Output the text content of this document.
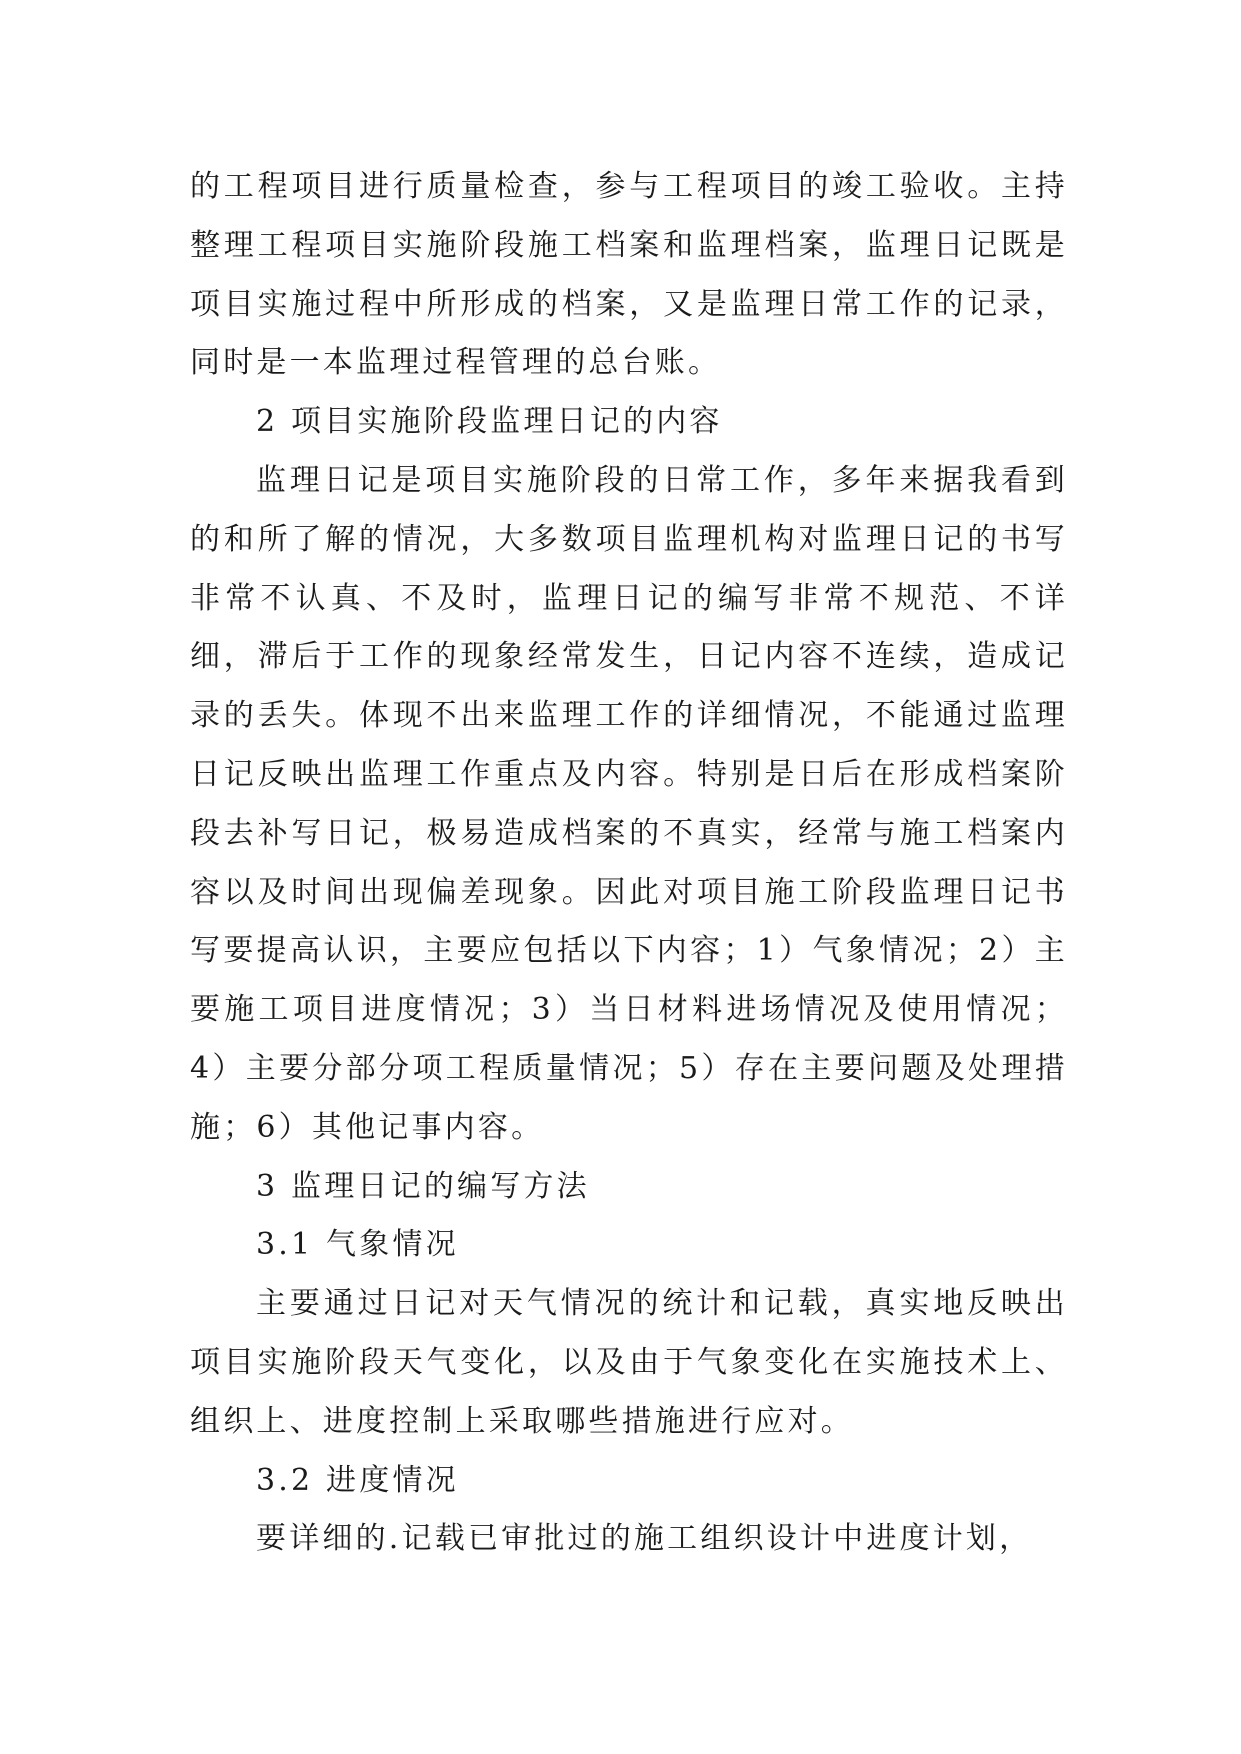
的工程项目进行质量检查，参与工程项目的竣工验收。主持整理工程项目实施阶段施工档案和监理档案，监理日记既是项目实施过程中所形成的档案，又是监理日常工作的记录，同时是一本监理过程管理的总台账。

2 项目实施阶段监理日记的内容

监理日记是项目实施阶段的日常工作，多年来据我看到的和所了解的情况，大多数项目监理机构对监理日记的书写非常不认真、不及时，监理日记的编写非常不规范、不详细，滞后于工作的现象经常发生，日记内容不连续，造成记录的丢失。体现不出来监理工作的详细情况，不能通过监理日记反映出监理工作重点及内容。特别是日后在形成档案阶段去补写日记，极易造成档案的不真实，经常与施工档案内容以及时间出现偏差现象。因此对项目施工阶段监理日记书写要提高认识，主要应包括以下内容；1）气象情况；2）主要施工项目进度情况；3）当日材料进场情况及使用情况；4）主要分部分项工程质量情况；5）存在主要问题及处理措施；6）其他记事内容。

3 监理日记的编写方法
3.1 气象情况

主要通过日记对天气情况的统计和记载，真实地反映出项目实施阶段天气变化，以及由于气象变化在实施技术上、组织上、进度控制上采取哪些措施进行应对。

3.2 进度情况

要详细的.记载已审批过的施工组织设计中进度计划，
